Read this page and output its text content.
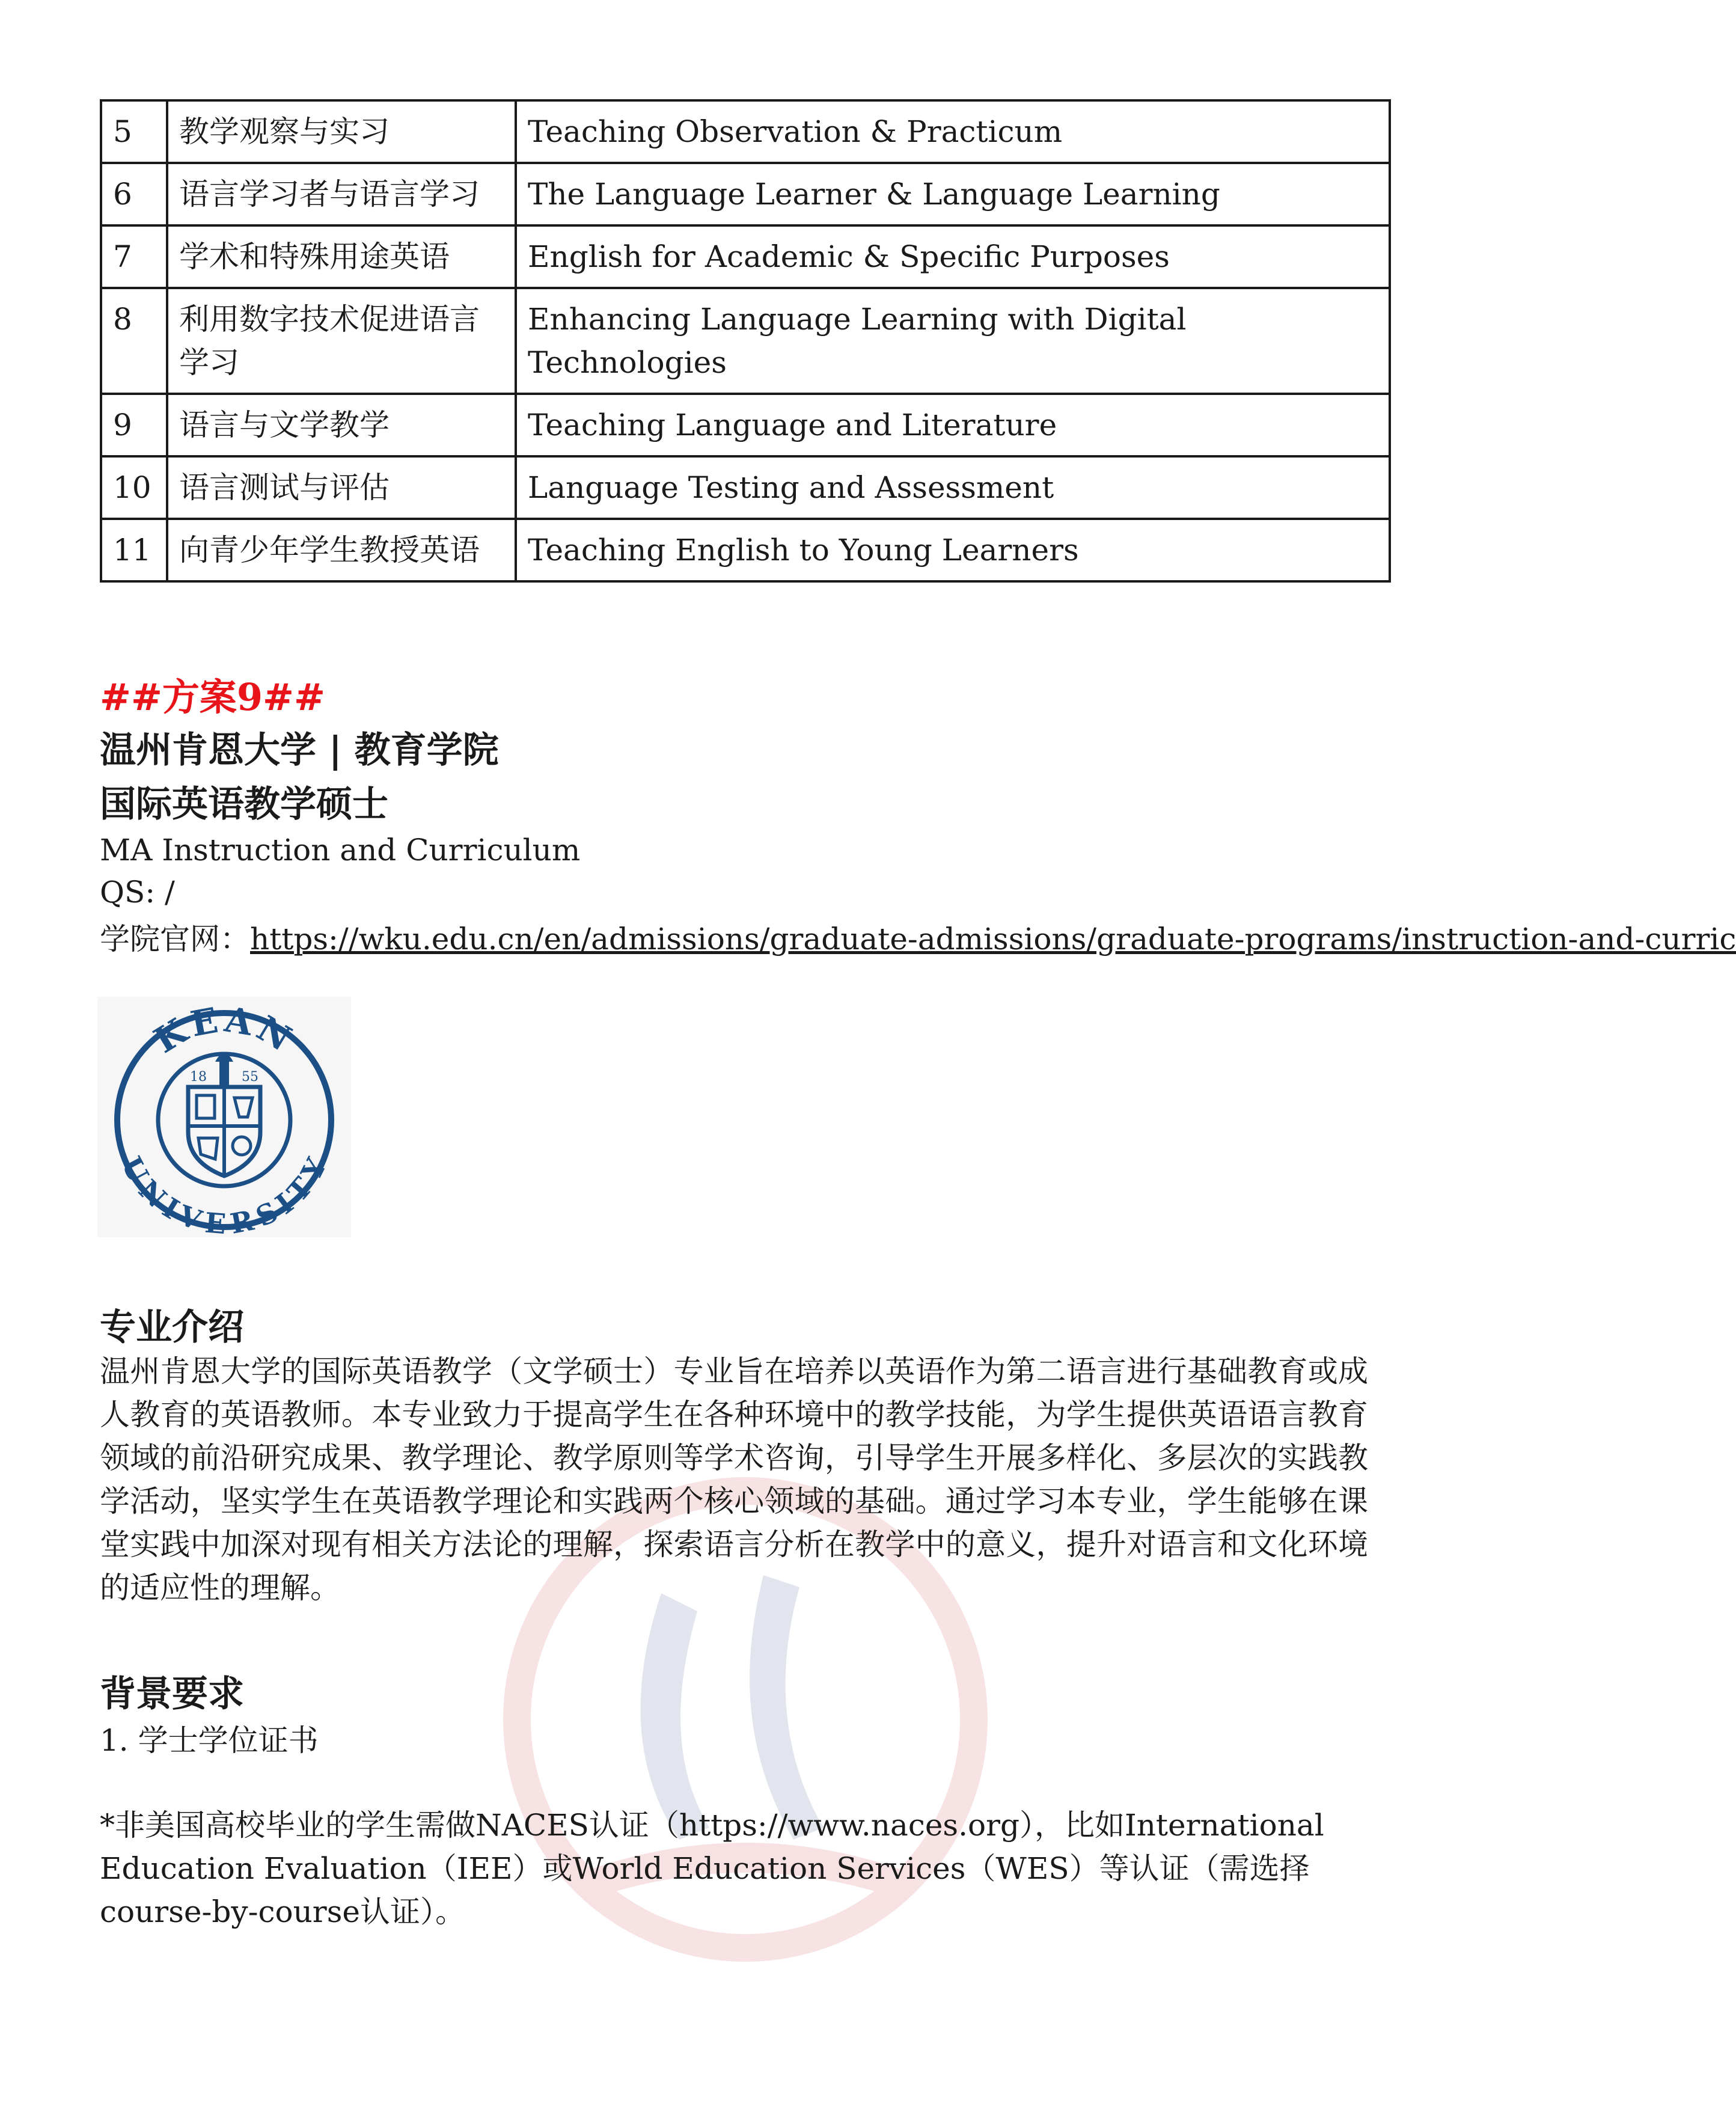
5	教学观察与实习	Teaching Observation & Practicum
6	语言学习者与语言学习	The Language Learner & Language Learning
7	学术和特殊用途英语	English for Academic & Specific Purposes
8	利用数字技术促进语言学习	Enhancing Language Learning with Digital Technologies
9	语言与文学教学	Teaching Language and Literature
10	语言测试与评估	Language Testing and Assessment
11	向青少年学生教授英语	Teaching English to Young Learners
##方案9##
温州肯恩大学 | 教育学院
国际英语教学硕士
MA Instruction and Curriculum
QS: /
学院官网：https://wku.edu.cn/en/admissions/graduate-admissions/graduate-programs/instruction-and-curric
KEAN
UNIVERSITY
18	55
专业介绍
温州肯恩大学的国际英语教学（文学硕士）专业旨在培养以英语作为第二语言进行基础教育或成人教育的英语教师。本专业致力于提高学生在各种环境中的教学技能，为学生提供英语语言教育领域的前沿研究成果、教学理论、教学原则等学术咨询，引导学生开展多样化、多层次的实践教学活动，坚实学生在英语教学理论和实践两个核心领域的基础。通过学习本专业，学生能够在课堂实践中加深对现有相关方法论的理解，探索语言分析在教学中的意义，提升对语言和文化环境的适应性的理解。
背景要求
1. 学士学位证书
*非美国高校毕业的学生需做NACES认证（https://www.naces.org），比如International Education Evaluation（IEE）或World Education Services（WES）等认证（需选择course-by-course认证）。
